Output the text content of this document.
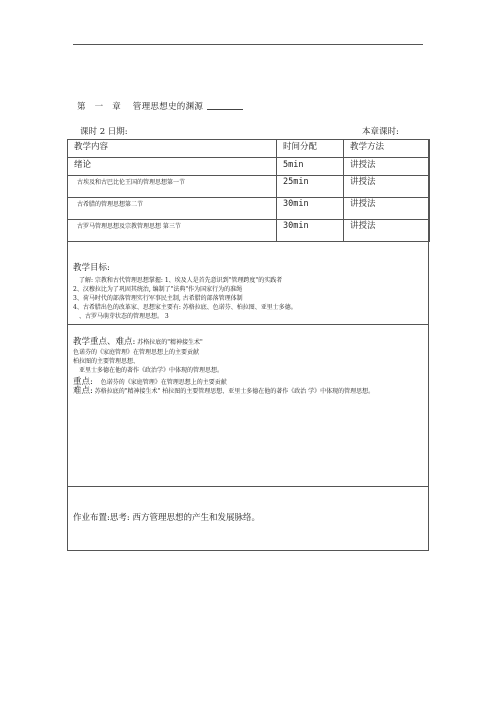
第　一　章　 管理思想史的渊源
课时 2 日期:	本章课时:
教学内容	时间分配	教学方法
绪论	5min	讲授法
古埃及和古巴比伦王国的管理思想第一节	25min	讲授法
古希腊的管理思想第二节	30min	讲授法
古罗马管理思想及宗教管理思想 第三节	30min	讲授法
教学目标:
了解: 宗教和古代管理思想掌握: 1、埃及人是首先意识到"管理跨度"的实践者
2、汉穆拉比为了巩固其统治, 编制了"法典"作为国家行为的准绳
3、荷马时代的部落管理实行军事民主制, 古希腊的部落管理体制
4、古希腊出色的改革家、思想家主要有: 苏格拉底、色诺芬、柏拉图、亚里士多德。
、古罗马萌芽状态的管理思想。 3
教学重点、难点: 苏格拉底的"精神接生术"
色诺芬的《家庭管理》在管理思想上的主要贡献
柏拉图的主要管理思想、
亚里士多德在他的著作《政治学》中体现的管理思想。
重点: 色诺芬的《家庭管理》在管理思想上的主要贡献
难点: 苏格拉底的"精神接生术" 柏拉图的主要管理思想、亚里士多德在他的著作《政治 学》中体现的管理思想。
作业布置:思考: 西方管理思想的产生和发展脉络。
